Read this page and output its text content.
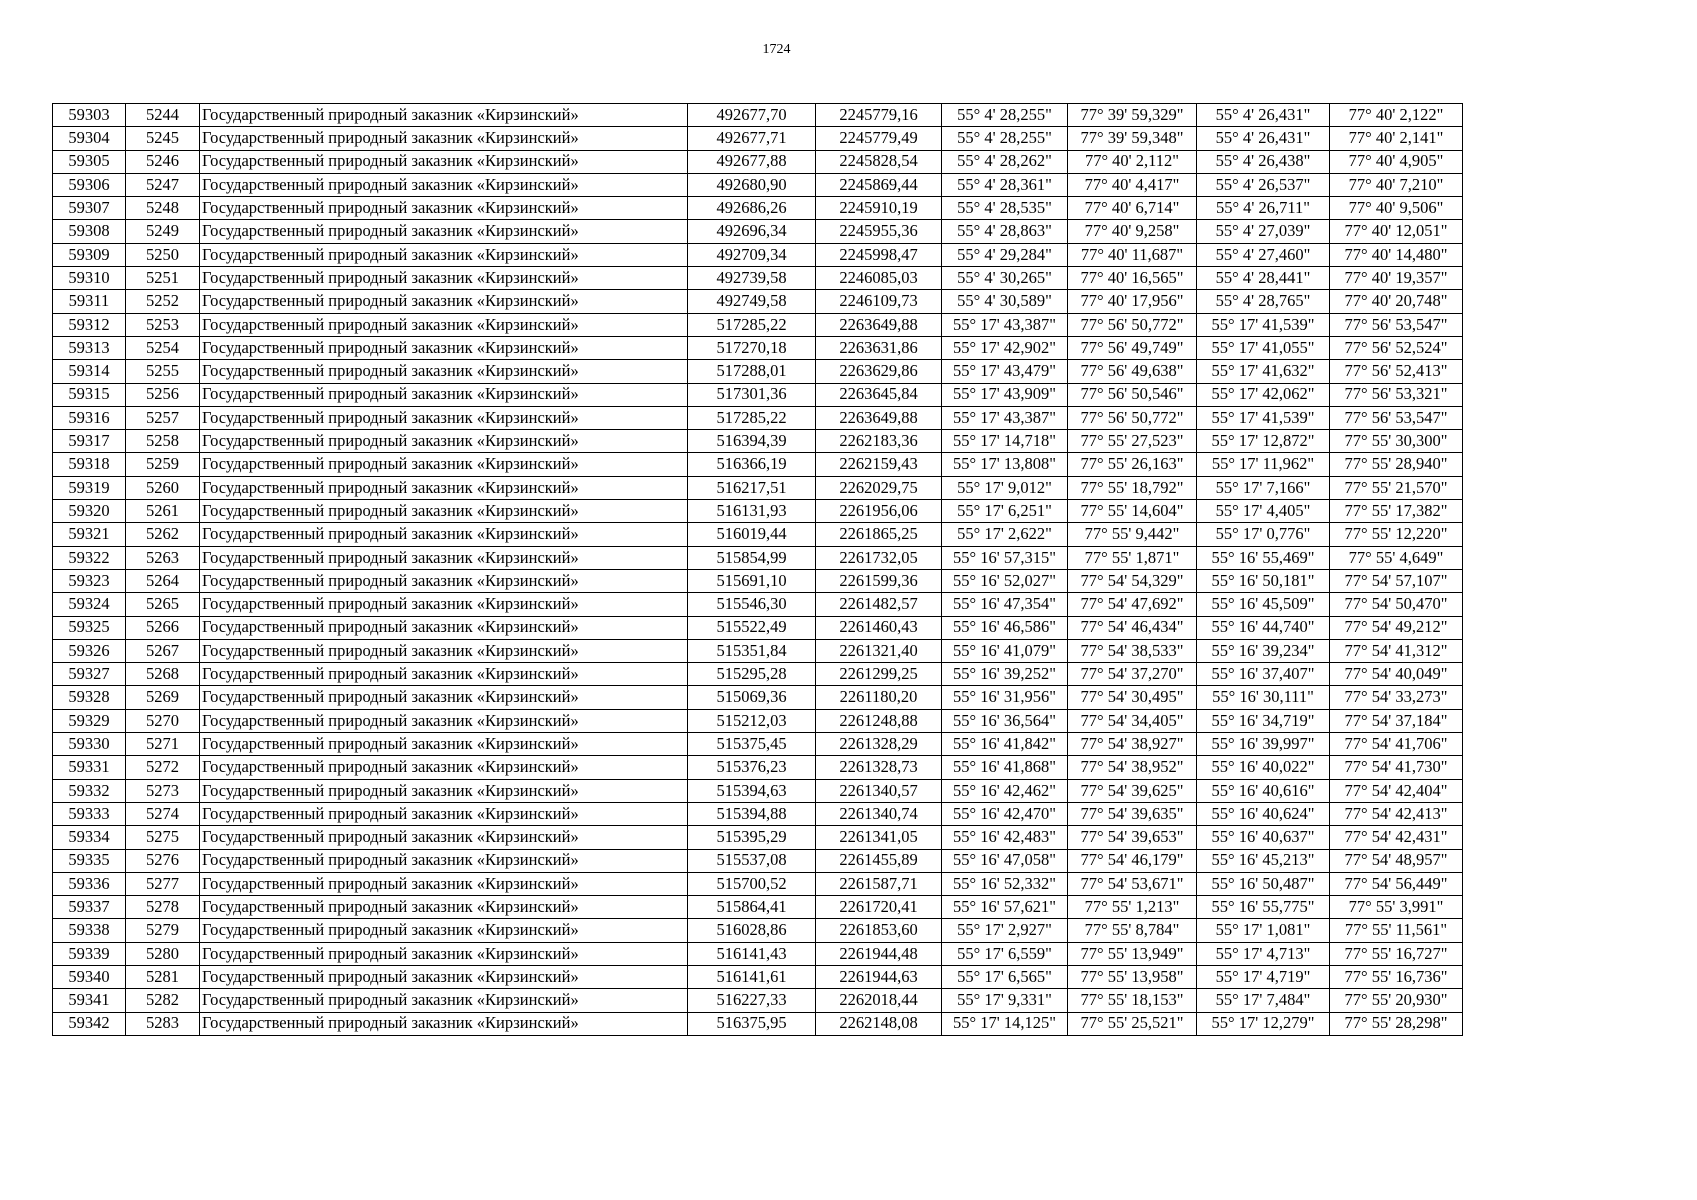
1724
59303	5244	Государственный природный заказник «Кирзинский»	492677,70	2245779,16	55° 4' 28,255"	77° 39' 59,329"	55° 4' 26,431"	77° 40' 2,122"
59304	5245	Государственный природный заказник «Кирзинский»	492677,71	2245779,49	55° 4' 28,255"	77° 39' 59,348"	55° 4' 26,431"	77° 40' 2,141"
59305	5246	Государственный природный заказник «Кирзинский»	492677,88	2245828,54	55° 4' 28,262"	77° 40' 2,112"	55° 4' 26,438"	77° 40' 4,905"
59306	5247	Государственный природный заказник «Кирзинский»	492680,90	2245869,44	55° 4' 28,361"	77° 40' 4,417"	55° 4' 26,537"	77° 40' 7,210"
59307	5248	Государственный природный заказник «Кирзинский»	492686,26	2245910,19	55° 4' 28,535"	77° 40' 6,714"	55° 4' 26,711"	77° 40' 9,506"
59308	5249	Государственный природный заказник «Кирзинский»	492696,34	2245955,36	55° 4' 28,863"	77° 40' 9,258"	55° 4' 27,039"	77° 40' 12,051"
59309	5250	Государственный природный заказник «Кирзинский»	492709,34	2245998,47	55° 4' 29,284"	77° 40' 11,687"	55° 4' 27,460"	77° 40' 14,480"
59310	5251	Государственный природный заказник «Кирзинский»	492739,58	2246085,03	55° 4' 30,265"	77° 40' 16,565"	55° 4' 28,441"	77° 40' 19,357"
59311	5252	Государственный природный заказник «Кирзинский»	492749,58	2246109,73	55° 4' 30,589"	77° 40' 17,956"	55° 4' 28,765"	77° 40' 20,748"
59312	5253	Государственный природный заказник «Кирзинский»	517285,22	2263649,88	55° 17' 43,387"	77° 56' 50,772"	55° 17' 41,539"	77° 56' 53,547"
59313	5254	Государственный природный заказник «Кирзинский»	517270,18	2263631,86	55° 17' 42,902"	77° 56' 49,749"	55° 17' 41,055"	77° 56' 52,524"
59314	5255	Государственный природный заказник «Кирзинский»	517288,01	2263629,86	55° 17' 43,479"	77° 56' 49,638"	55° 17' 41,632"	77° 56' 52,413"
59315	5256	Государственный природный заказник «Кирзинский»	517301,36	2263645,84	55° 17' 43,909"	77° 56' 50,546"	55° 17' 42,062"	77° 56' 53,321"
59316	5257	Государственный природный заказник «Кирзинский»	517285,22	2263649,88	55° 17' 43,387"	77° 56' 50,772"	55° 17' 41,539"	77° 56' 53,547"
59317	5258	Государственный природный заказник «Кирзинский»	516394,39	2262183,36	55° 17' 14,718"	77° 55' 27,523"	55° 17' 12,872"	77° 55' 30,300"
59318	5259	Государственный природный заказник «Кирзинский»	516366,19	2262159,43	55° 17' 13,808"	77° 55' 26,163"	55° 17' 11,962"	77° 55' 28,940"
59319	5260	Государственный природный заказник «Кирзинский»	516217,51	2262029,75	55° 17' 9,012"	77° 55' 18,792"	55° 17' 7,166"	77° 55' 21,570"
59320	5261	Государственный природный заказник «Кирзинский»	516131,93	2261956,06	55° 17' 6,251"	77° 55' 14,604"	55° 17' 4,405"	77° 55' 17,382"
59321	5262	Государственный природный заказник «Кирзинский»	516019,44	2261865,25	55° 17' 2,622"	77° 55' 9,442"	55° 17' 0,776"	77° 55' 12,220"
59322	5263	Государственный природный заказник «Кирзинский»	515854,99	2261732,05	55° 16' 57,315"	77° 55' 1,871"	55° 16' 55,469"	77° 55' 4,649"
59323	5264	Государственный природный заказник «Кирзинский»	515691,10	2261599,36	55° 16' 52,027"	77° 54' 54,329"	55° 16' 50,181"	77° 54' 57,107"
59324	5265	Государственный природный заказник «Кирзинский»	515546,30	2261482,57	55° 16' 47,354"	77° 54' 47,692"	55° 16' 45,509"	77° 54' 50,470"
59325	5266	Государственный природный заказник «Кирзинский»	515522,49	2261460,43	55° 16' 46,586"	77° 54' 46,434"	55° 16' 44,740"	77° 54' 49,212"
59326	5267	Государственный природный заказник «Кирзинский»	515351,84	2261321,40	55° 16' 41,079"	77° 54' 38,533"	55° 16' 39,234"	77° 54' 41,312"
59327	5268	Государственный природный заказник «Кирзинский»	515295,28	2261299,25	55° 16' 39,252"	77° 54' 37,270"	55° 16' 37,407"	77° 54' 40,049"
59328	5269	Государственный природный заказник «Кирзинский»	515069,36	2261180,20	55° 16' 31,956"	77° 54' 30,495"	55° 16' 30,111"	77° 54' 33,273"
59329	5270	Государственный природный заказник «Кирзинский»	515212,03	2261248,88	55° 16' 36,564"	77° 54' 34,405"	55° 16' 34,719"	77° 54' 37,184"
59330	5271	Государственный природный заказник «Кирзинский»	515375,45	2261328,29	55° 16' 41,842"	77° 54' 38,927"	55° 16' 39,997"	77° 54' 41,706"
59331	5272	Государственный природный заказник «Кирзинский»	515376,23	2261328,73	55° 16' 41,868"	77° 54' 38,952"	55° 16' 40,022"	77° 54' 41,730"
59332	5273	Государственный природный заказник «Кирзинский»	515394,63	2261340,57	55° 16' 42,462"	77° 54' 39,625"	55° 16' 40,616"	77° 54' 42,404"
59333	5274	Государственный природный заказник «Кирзинский»	515394,88	2261340,74	55° 16' 42,470"	77° 54' 39,635"	55° 16' 40,624"	77° 54' 42,413"
59334	5275	Государственный природный заказник «Кирзинский»	515395,29	2261341,05	55° 16' 42,483"	77° 54' 39,653"	55° 16' 40,637"	77° 54' 42,431"
59335	5276	Государственный природный заказник «Кирзинский»	515537,08	2261455,89	55° 16' 47,058"	77° 54' 46,179"	55° 16' 45,213"	77° 54' 48,957"
59336	5277	Государственный природный заказник «Кирзинский»	515700,52	2261587,71	55° 16' 52,332"	77° 54' 53,671"	55° 16' 50,487"	77° 54' 56,449"
59337	5278	Государственный природный заказник «Кирзинский»	515864,41	2261720,41	55° 16' 57,621"	77° 55' 1,213"	55° 16' 55,775"	77° 55' 3,991"
59338	5279	Государственный природный заказник «Кирзинский»	516028,86	2261853,60	55° 17' 2,927"	77° 55' 8,784"	55° 17' 1,081"	77° 55' 11,561"
59339	5280	Государственный природный заказник «Кирзинский»	516141,43	2261944,48	55° 17' 6,559"	77° 55' 13,949"	55° 17' 4,713"	77° 55' 16,727"
59340	5281	Государственный природный заказник «Кирзинский»	516141,61	2261944,63	55° 17' 6,565"	77° 55' 13,958"	55° 17' 4,719"	77° 55' 16,736"
59341	5282	Государственный природный заказник «Кирзинский»	516227,33	2262018,44	55° 17' 9,331"	77° 55' 18,153"	55° 17' 7,484"	77° 55' 20,930"
59342	5283	Государственный природный заказник «Кирзинский»	516375,95	2262148,08	55° 17' 14,125"	77° 55' 25,521"	55° 17' 12,279"	77° 55' 28,298"
